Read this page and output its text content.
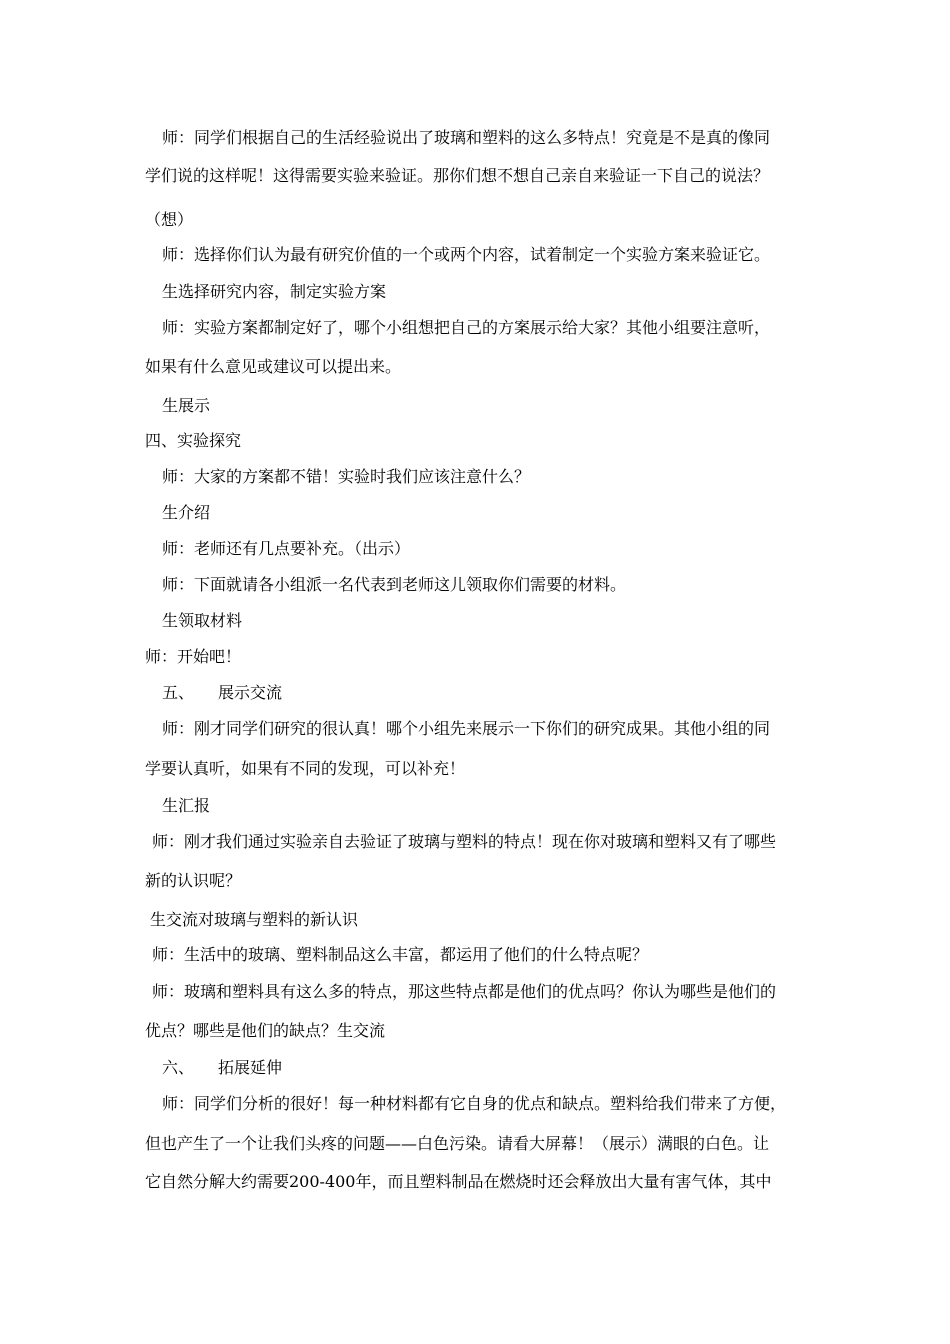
师：同学们根据自己的生活经验说出了玻璃和塑料的这么多特点！究竟是不是真的像同
学们说的这样呢！这得需要实验来验证。那你们想不想自己亲自来验证一下自己的说法？
（想）
师：选择你们认为最有研究价值的一个或两个内容，试着制定一个实验方案来验证它。
生选择研究内容，制定实验方案
师：实验方案都制定好了，哪个小组想把自己的方案展示给大家？其他小组要注意听，
如果有什么意见或建议可以提出来。
生展示
四、实验探究
师：大家的方案都不错！实验时我们应该注意什么？
生介绍
师：老师还有几点要补充。（出示）
师：下面就请各小组派一名代表到老师这儿领取你们需要的材料。
生领取材料
师：开始吧！
五、 展示交流
师：刚才同学们研究的很认真！哪个小组先来展示一下你们的研究成果。其他小组的同
学要认真听，如果有不同的发现，可以补充！
生汇报
师：刚才我们通过实验亲自去验证了玻璃与塑料的特点！现在你对玻璃和塑料又有了哪些
新的认识呢？
生交流对玻璃与塑料的新认识
师：生活中的玻璃、塑料制品这么丰富，都运用了他们的什么特点呢？
师：玻璃和塑料具有这么多的特点，那这些特点都是他们的优点吗？你认为哪些是他们的
优点？哪些是他们的缺点？生交流
六、 拓展延伸
师：同学们分析的很好！每一种材料都有它自身的优点和缺点。塑料给我们带来了方便，
但也产生了一个让我们头疼的问题——白色污染。请看大屏幕！（展示）满眼的白色。让
它自然分解大约需要200-400年，而且塑料制品在燃烧时还会释放出大量有害气体，其中
